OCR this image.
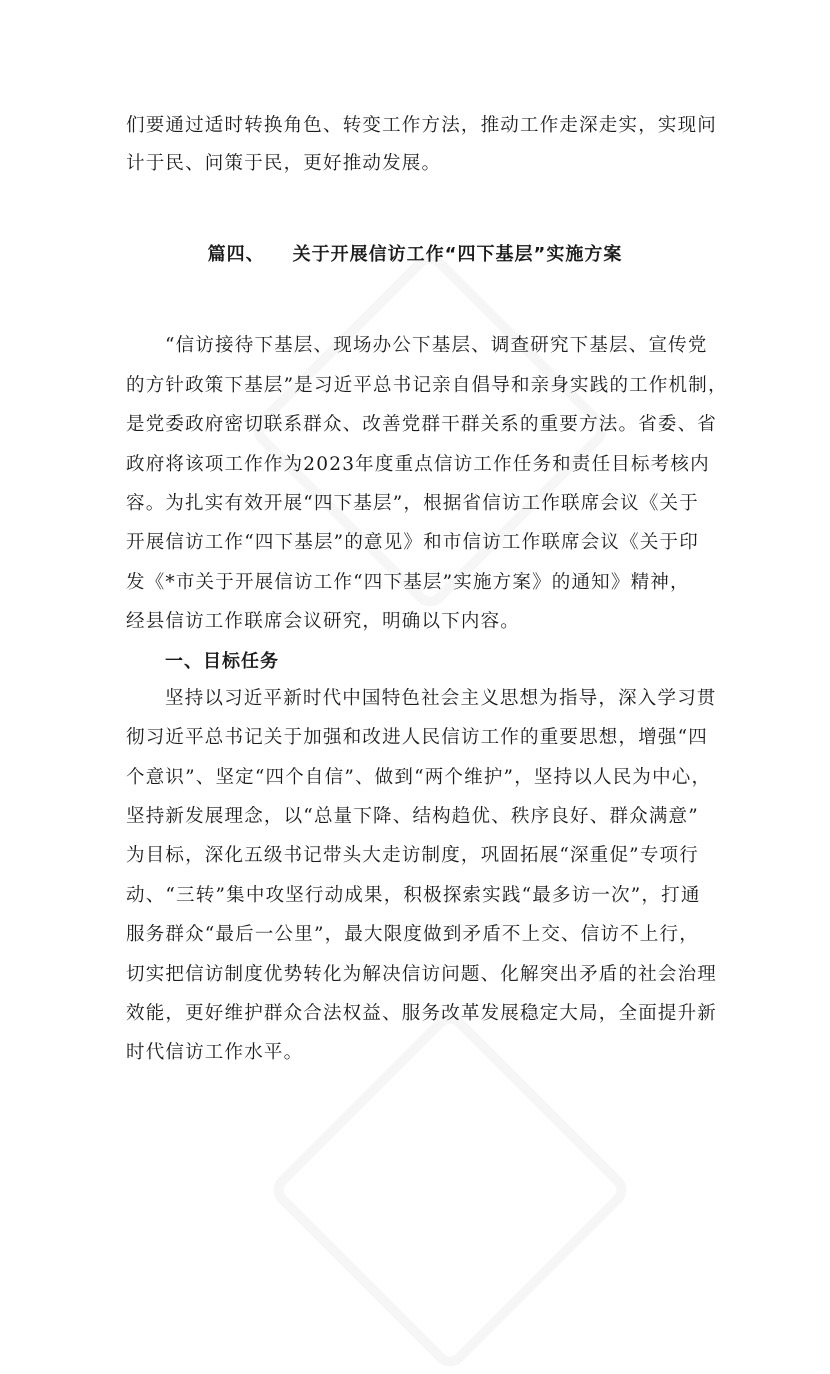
们要通过适时转换角色、转变工作方法，推动工作走深走实，实现问
计于民、问策于民，更好推动发展。
篇四、 关于开展信访工作“四下基层”实施方案
“信访接待下基层、现场办公下基层、调查研究下基层、宣传党
的方针政策下基层”是习近平总书记亲自倡导和亲身实践的工作机制，
是党委政府密切联系群众、改善党群干群关系的重要方法。省委、省
政府将该项工作作为2023年度重点信访工作任务和责任目标考核内
容。为扎实有效开展“四下基层”，根据省信访工作联席会议《关于
开展信访工作“四下基层”的意见》和市信访工作联席会议《关于印
发《*市关于开展信访工作“四下基层”实施方案》的通知》精神，
经县信访工作联席会议研究，明确以下内容。
一、目标任务
坚持以习近平新时代中国特色社会主义思想为指导，深入学习贯
彻习近平总书记关于加强和改进人民信访工作的重要思想，增强“四
个意识”、坚定“四个自信”、做到“两个维护”，坚持以人民为中心，
坚持新发展理念，以“总量下降、结构趋优、秩序良好、群众满意”
为目标，深化五级书记带头大走访制度，巩固拓展“深重促”专项行
动、“三转”集中攻坚行动成果，积极探索实践“最多访一次”，打通
服务群众“最后一公里”，最大限度做到矛盾不上交、信访不上行，
切实把信访制度优势转化为解决信访问题、化解突出矛盾的社会治理
效能，更好维护群众合法权益、服务改革发展稳定大局，全面提升新
时代信访工作水平。
